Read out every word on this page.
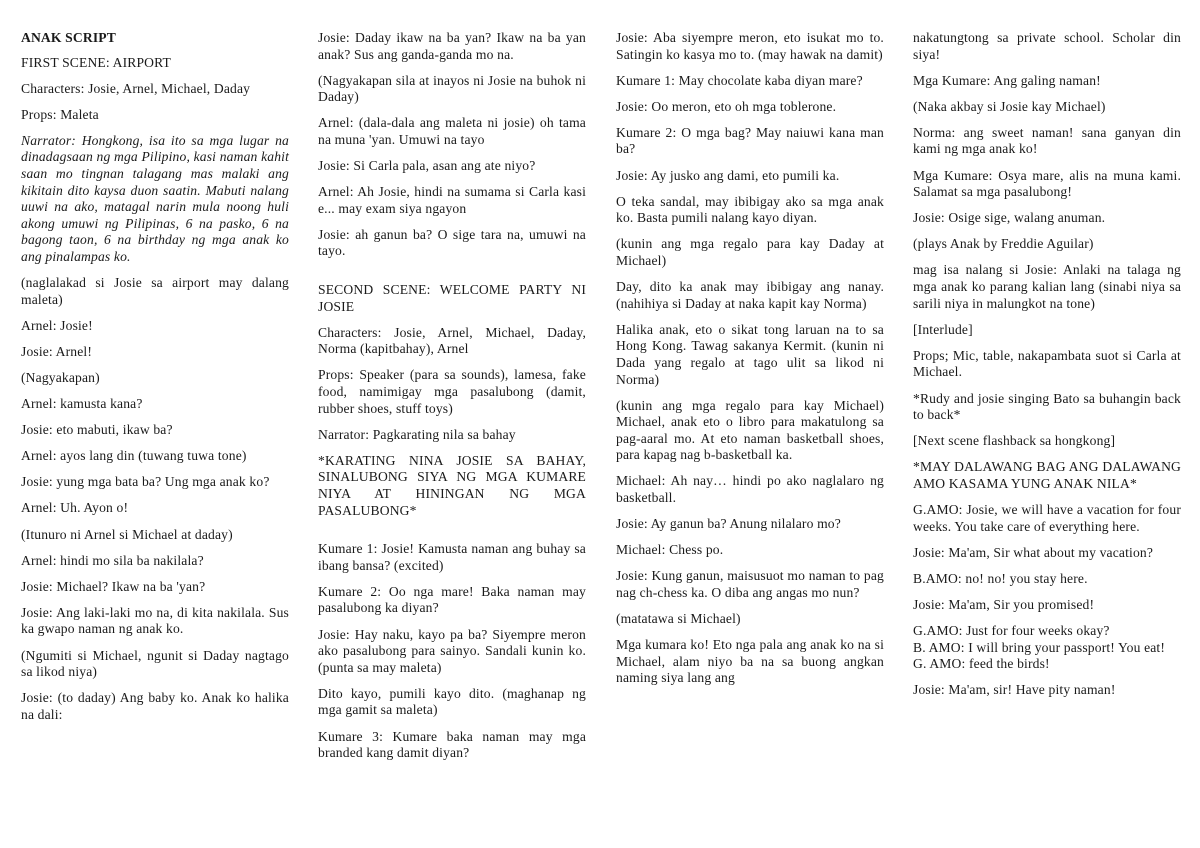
ANAK SCRIPT

FIRST SCENE: AIRPORT

Characters: Josie, Arnel, Michael, Daday

Props: Maleta

Narrator: Hongkong, isa ito sa mga lugar na dinadagsaan ng mga Pilipino, kasi naman kahit saan mo tingnan talagang mas malaki ang kikitain dito kaysa duon saatin. Mabuti nalang uuwi na ako, matagal narin mula noong huli akong umuwi ng Pilipinas, 6 na pasko, 6 na bagong taon, 6 na birthday ng mga anak ko ang pinalampas ko.

(naglalakad si Josie sa airport may dalang maleta)

Arnel: Josie!

Josie: Arnel!

(Nagyakapan)

Arnel: kamusta kana?

Josie: eto mabuti, ikaw ba?

Arnel: ayos lang din (tuwang tuwa tone)

Josie: yung mga bata ba? Ung mga anak ko?

Arnel: Uh. Ayon o!

(Itunuro ni Arnel si Michael at daday)

Arnel: hindi mo sila ba nakilala?

Josie: Michael? Ikaw na ba 'yan?

Josie: Ang laki-laki mo na, di kita nakilala. Sus ka gwapo naman ng anak ko.

(Ngumiti si Michael, ngunit si Daday nagtago sa likod niya)

Josie: (to daday) Ang baby ko. Anak ko halika na dali:

Josie: Daday ikaw na ba yan? Ikaw na ba yan anak? Sus ang ganda-ganda mo na.

(Nagyakapan sila at inayos ni Josie na buhok ni Daday)

Arnel: (dala-dala ang maleta ni josie) oh tama na muna 'yan. Umuwi na tayo

Josie: Si Carla pala, asan ang ate niyo?

Arnel: Ah Josie, hindi na sumama si Carla kasi e... may exam siya ngayon

Josie: ah ganun ba? O sige tara na, umuwi na tayo.

SECOND SCENE: WELCOME PARTY NI JOSIE

Characters: Josie, Arnel, Michael, Daday, Norma (kapitbahay), Arnel

Props: Speaker (para sa sounds), lamesa, fake food, namimigay mga pasalubong (damit, rubber shoes, stuff toys)

Narrator: Pagkarating nila sa bahay

*KARATING NINA JOSIE SA BAHAY, SINALUBONG SIYA NG MGA KUMARE NIYA AT HININGAN NG MGA PASALUBONG*

Kumare 1: Josie! Kamusta naman ang buhay sa ibang bansa? (excited)

Kumare 2: Oo nga mare! Baka naman may pasalubong ka diyan?

Josie: Hay naku, kayo pa ba? Siyempre meron ako pasalubong para sainyo. Sandali kunin ko. (punta sa may maleta)

Dito kayo, pumili kayo dito. (maghanap ng mga gamit sa maleta)

Kumare 3: Kumare baka naman may mga branded kang damit diyan?

Josie: Aba siyempre meron, eto isukat mo to. Satingin ko kasya mo to. (may hawak na damit)

Kumare 1: May chocolate kaba diyan mare?

Josie: Oo meron, eto oh mga toblerone.

Kumare 2: O mga bag? May naiuwi kana man ba?

Josie: Ay jusko ang dami, eto pumili ka.

O teka sandal, may ibibigay ako sa mga anak ko. Basta pumili nalang kayo diyan.

(kunin ang mga regalo para kay Daday at Michael)

Day, dito ka anak may ibibigay ang nanay. (nahihiya si Daday at naka kapit kay Norma)

Halika anak, eto o sikat tong laruan na to sa Hong Kong. Tawag sakanya Kermit. (kunin ni Dada yang regalo at tago ulit sa likod ni Norma)

(kunin ang mga regalo para kay Michael) Michael, anak eto o libro para makatulong sa pag-aaral mo. At eto naman basketball shoes, para kapag nag b-basketball ka.

Michael: Ah nay… hindi po ako naglalaro ng basketball.

Josie: Ay ganun ba? Anung nilalaro mo?

Michael: Chess po.

Josie: Kung ganun, maisusuot mo naman to pag nag ch-chess ka. O diba ang angas mo nun?

(matatawa si Michael)

Mga kumara ko! Eto nga pala ang anak ko na si Michael, alam niyo ba na sa buong angkan naming siya lang ang

nakatungtong sa private school. Scholar din siya!

Mga Kumare: Ang galing naman!

(Naka akbay si Josie kay Michael)

Norma: ang sweet naman! sana ganyan din kami ng mga anak ko!

Mga Kumare: Osya mare, alis na muna kami. Salamat sa mga pasalubong!

Josie: Osige sige, walang anuman.

(plays Anak by Freddie Aguilar)

mag isa nalang si Josie: Anlaki na talaga ng mga anak ko parang kalian lang (sinabi niya sa sarili niya in malungkot na tone)

[Interlude]

Props; Mic, table, nakapambata suot si Carla at Michael.

*Rudy and josie singing Bato sa buhangin back to back*

[Next scene flashback sa hongkong]

*MAY DALAWANG BAG ANG DALAWANG AMO KASAMA YUNG ANAK NILA*

G.AMO: Josie, we will have a vacation for four weeks. You take care of everything here.

Josie: Ma'am, Sir what about my vacation?

B.AMO: no! no! you stay here.

Josie: Ma'am, Sir you promised!

G.AMO: Just for four weeks okay?

B. AMO: I will bring your passport! You eat!

G. AMO: feed the birds!

Josie: Ma'am, sir! Have pity naman!
